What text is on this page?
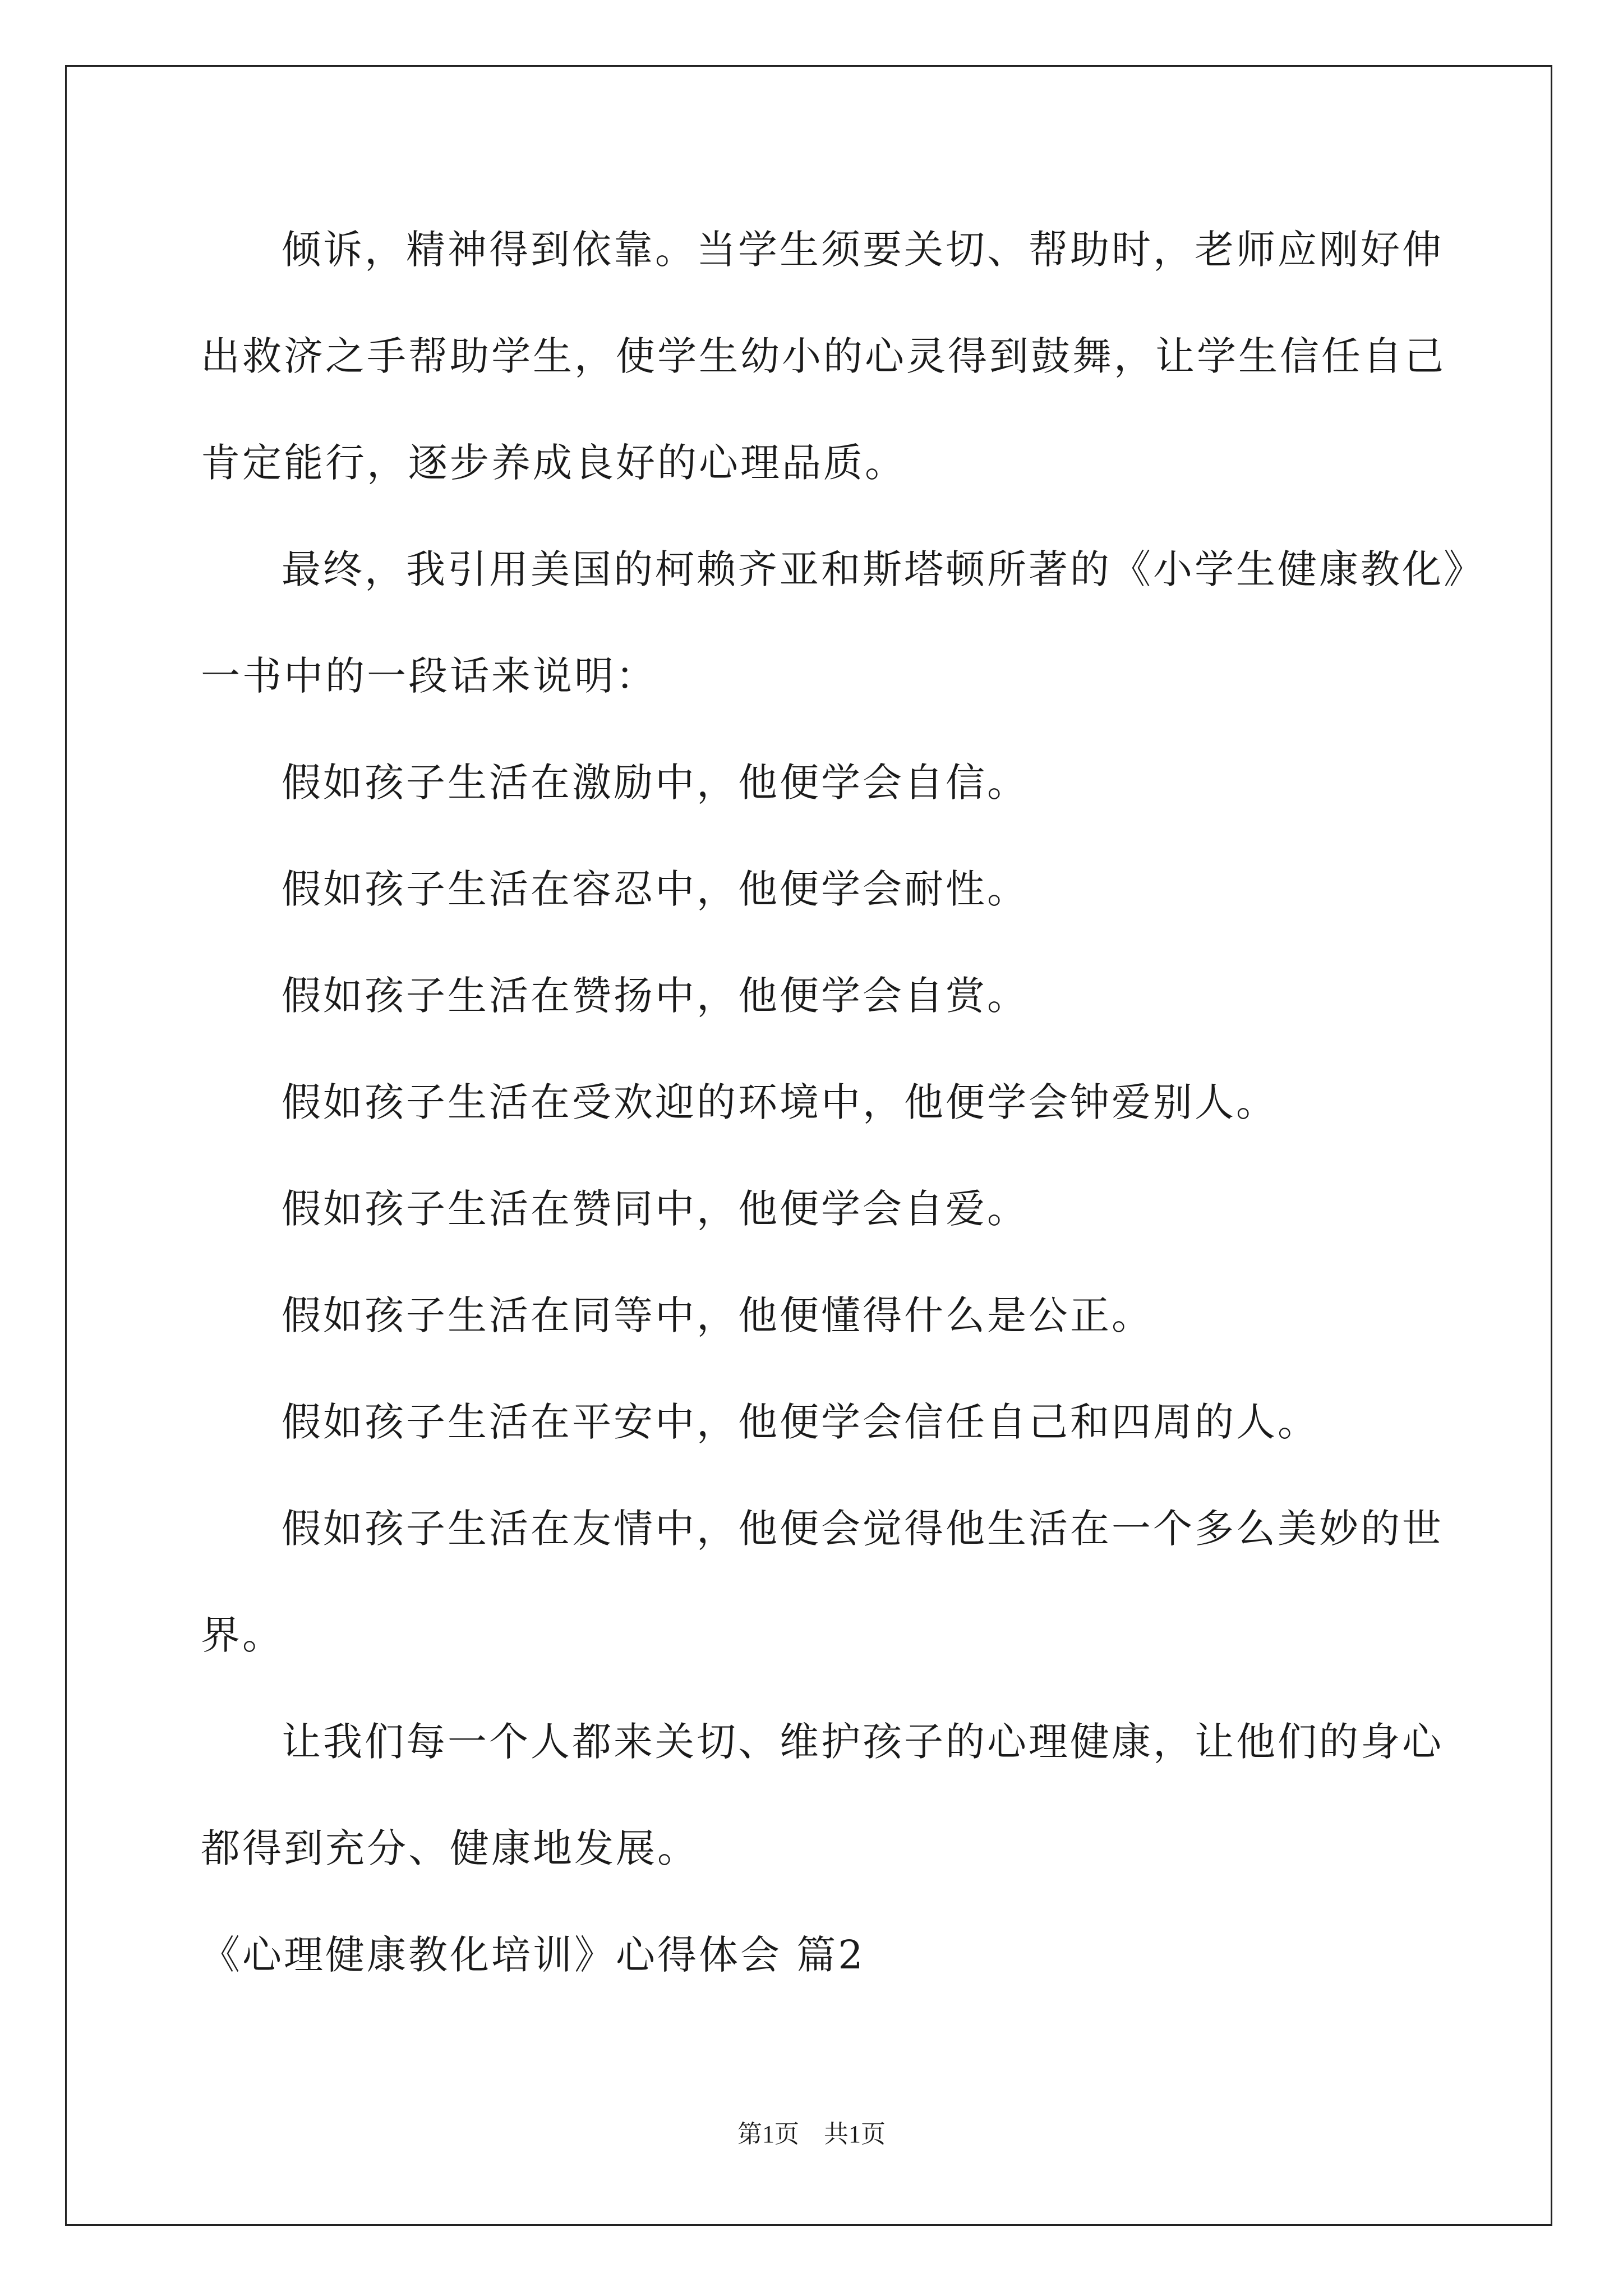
倾诉，精神得到依靠。当学生须要关切、帮助时，老师应刚好伸
出救济之手帮助学生，使学生幼小的心灵得到鼓舞，让学生信任自己
肯定能行，逐步养成良好的心理品质。
最终，我引用美国的柯赖齐亚和斯塔顿所著的《小学生健康教化》
一书中的一段话来说明：
假如孩子生活在激励中，他便学会自信。
假如孩子生活在容忍中，他便学会耐性。
假如孩子生活在赞扬中，他便学会自赏。
假如孩子生活在受欢迎的环境中，他便学会钟爱别人。
假如孩子生活在赞同中，他便学会自爱。
假如孩子生活在同等中，他便懂得什么是公正。
假如孩子生活在平安中，他便学会信任自己和四周的人。
假如孩子生活在友情中，他便会觉得他生活在一个多么美妙的世
界。
让我们每一个人都来关切、维护孩子的心理健康，让他们的身心
都得到充分、健康地发展。
《心理健康教化培训》心得体会 篇2
第1页　共1页
